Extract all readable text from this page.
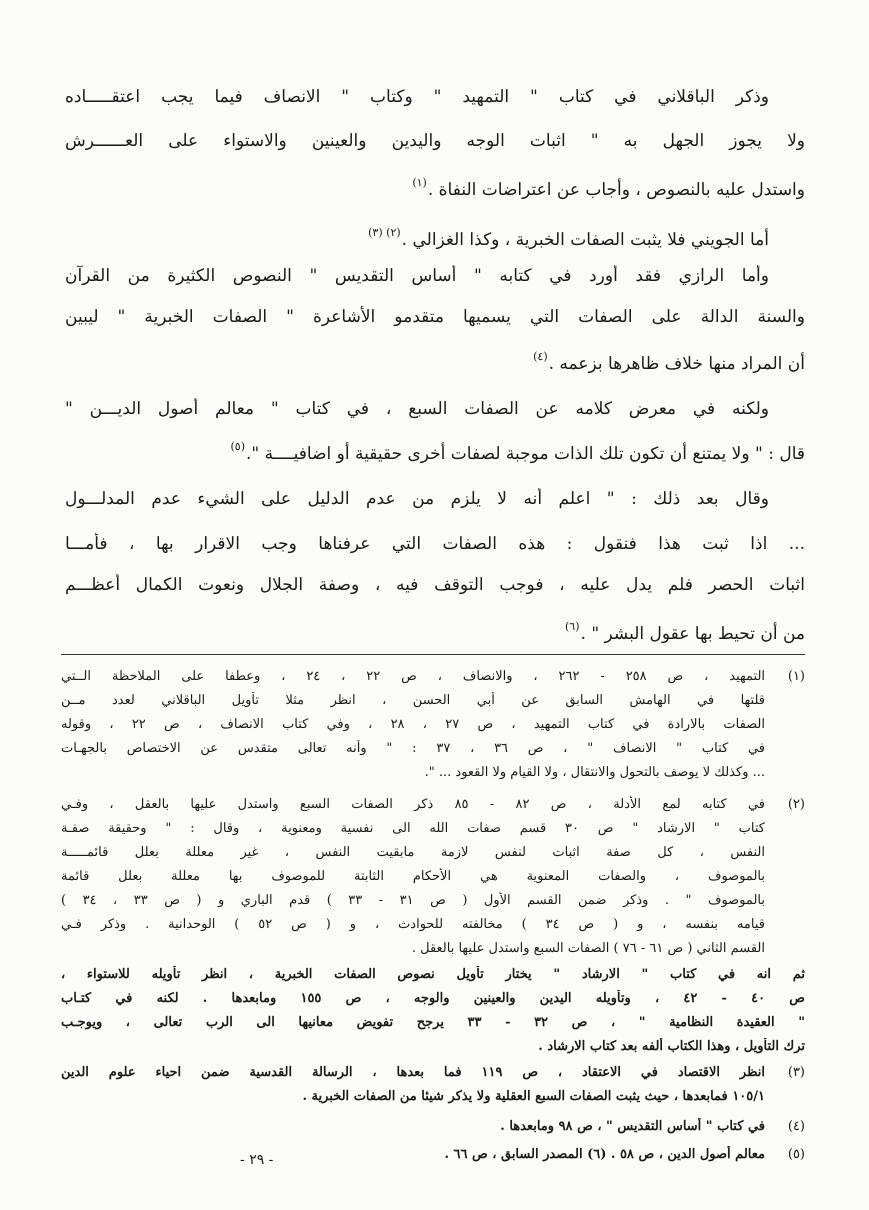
وذكر الباقلاني في كتاب " التمهيد " وكتاب " الانصاف فيما يجب اعتقـــــاده
ولا يجوز الجهل به " اثبات الوجه واليدين والعينين والاستواء على العــــــرش
واستدل عليه بالنصوص ، وأجاب عن اعتراضات النفاة .$^{(١)}$
أما الجويني فلا يثبت الصفات الخبرية ، وكذا الغزالي .$^{(٢) (٣)}$
وأما الرازي فقد أورد في كتابه " أساس التقديس " النصوص الكثيرة من القرآن
والسنة الدالة على الصفات التي يسميها متقدمو الأشاعرة " الصفات الخبرية " ليبين
أن المراد منها خلاف ظاهرها بزعمه .$^{(٤)}$
ولكنه في معرض كلامه عن الصفات السبع ، في كتاب " معالم أصول الديـــن "
قال : " ولا يمتنع أن تكون تلك الذات موجبة لصفات أخرى حقيقية أو اضافيــــة ".$^{(٥)}$
وقال بعد ذلك : " اعلم أنه لا يلزم من عدم الدليل على الشيء عدم المدلـــول
... اذا ثبت هذا فنقول : هذه الصفات التي عرفناها وجب الاقرار بها ، فأمـــا
اثبات الحصر فلم يدل عليه ، فوجب التوقف فيه ، وصفة الجلال ونعوت الكمال أعظـــم
من أن تحيط بها عقول البشر " .$^{(٦)}$
(١)
التمهيد ، ص ٢٥٨ - ٢٦٢ ، والانصاف ، ص ٢٢ ، ٢٤ ، وعطفا على الملاحظة الــتي
قلتها في الهامش السابق عن أبي الحسن ، انظر مثلا تأويل الباقلاني لعدد مــن
الصفات بالارادة في كتاب التمهيد ، ص ٢٧ ، ٢٨ ، وفي كتاب الانصاف ، ص ٢٢ ، وقوله
في كتاب " الانصاف " ، ص ٣٦ ، ٣٧ : " وأنه تعالى متقدس عن الاختصاص بالجهـات
... وكذلك لا يوصف بالتحول والانتقال ، ولا القيام ولا القعود ... ".
(٢)
في كتابه لمع الأدلة ، ص ٨٢ - ٨٥ ذكر الصفات السبع واستدل عليها بالعقل ، وفـي
كتاب " الارشاد " ص ٣٠ قسم صفات الله الى نفسية ومعنوية ، وقال : " وحقيقة صفـة
النفس ، كل صفة اثبات لنفس لازمة مابقيت النفس ، غير معللة بعلل قائمـــــة
بالموصوف ، والصفات المعنوية هي الأحكام الثابتة للموصوف بها معللة بعلل قائمة
بالموصوف " . وذكر ضمن القسم الأول ( ص ٣١ - ٣٣ ) قدم الباري و ( ص ٣٣ ، ٣٤ )
قيامه بنفسه ، و ( ص ٣٤ ) مخالفته للحوادث ، و ( ص ٥٢ ) الوحدانية . وذكر فـي
القسم الثاني ( ص ٦١ - ٧٦ ) الصفات السبع واستدل عليها بالعقل .
ثم انه في كتاب " الارشاد " يختار تأويل نصوص الصفات الخبرية ، انظر تأويله للاستواء ،
ص ٤٠ - ٤٢ ، وتأويله اليدين والعينين والوجه ، ص ١٥٥ ومابعدها . لكنه في كتـاب
" العقيدة النظامية " ، ص ٣٢ - ٣٣ يرجح تفويض معانيها الى الرب تعالى ، ويوجـب
ترك التأويل ، وهذا الكتاب ألفه بعد كتاب الارشاد .
(٣)
انظر الاقتصاد في الاعتقاد ، ص ١١٩ فما بعدها ، الرسالة القدسية ضمن احياء علوم الدين
١٠٥/١ فمابعدها ، حيث يثبت الصفات السبع العقلية ولا يذكر شيئا من الصفات الخبرية .
(٤)
في كتاب " أساس التقديس " ، ص ٩٨ ومابعدها .
(٥)
معالم أصول الدين ، ص ٥٨ . (٦) المصدر السابق ، ص ٦٦ .
- ٢٩ -
